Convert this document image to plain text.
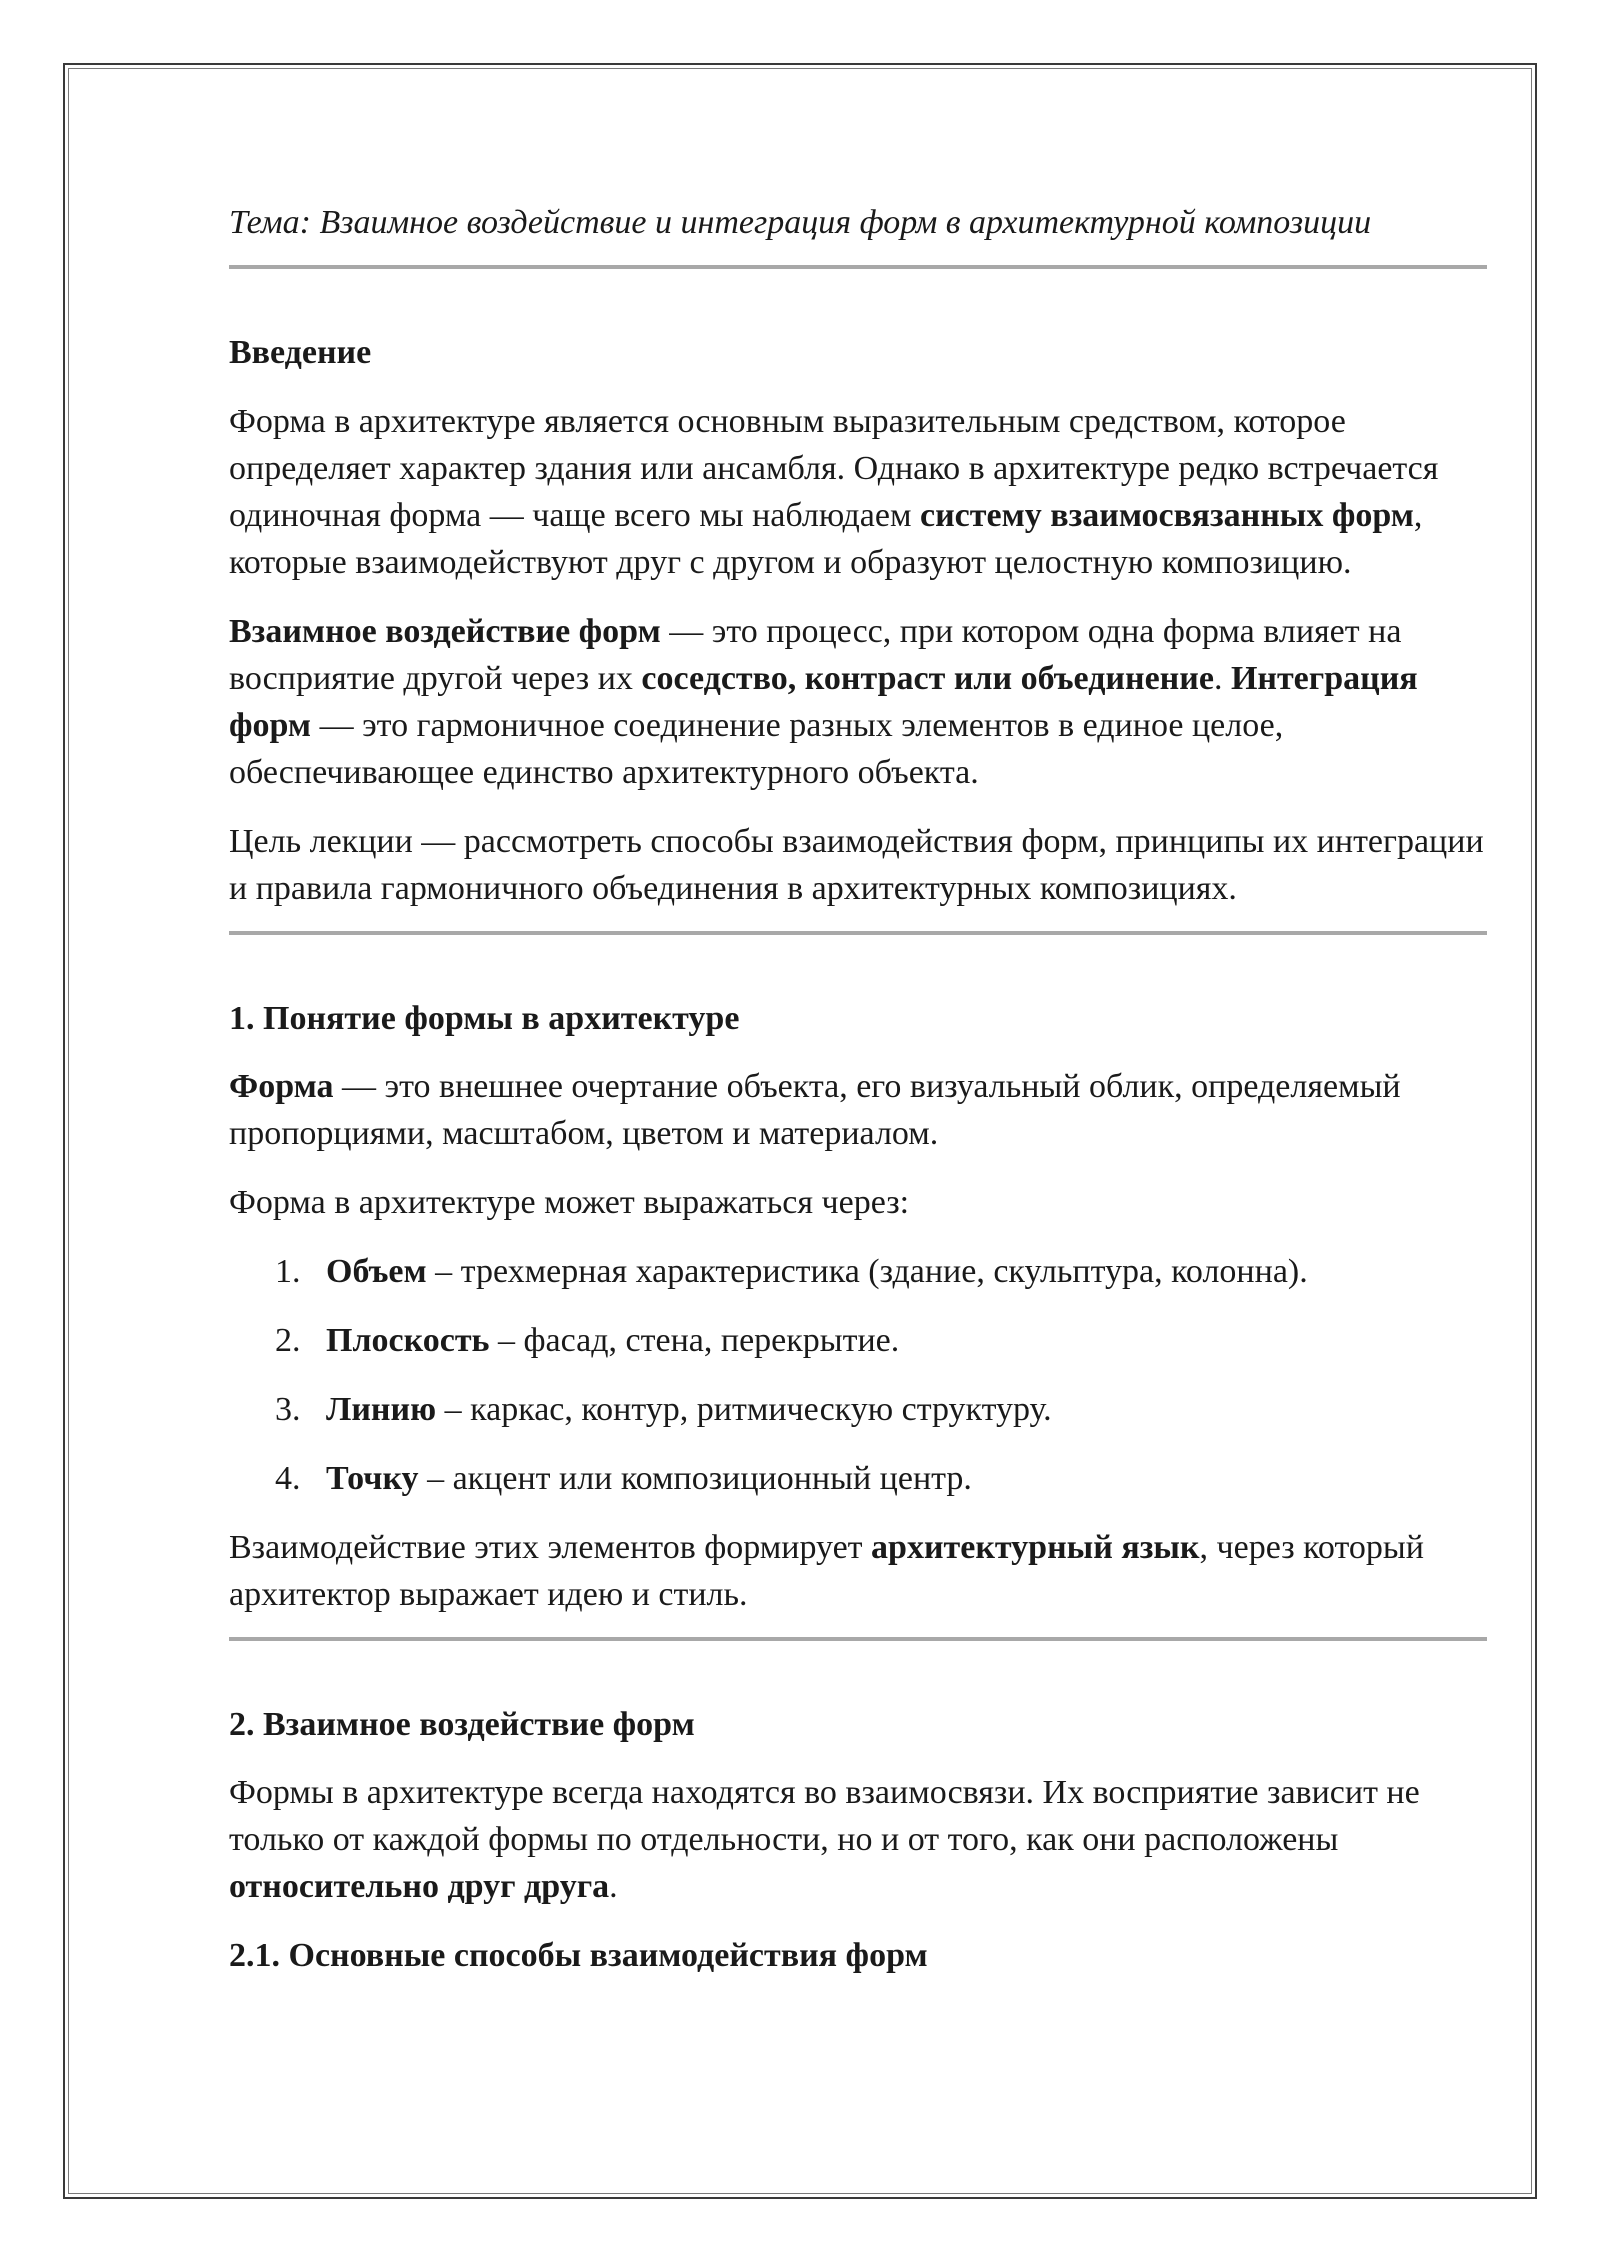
Тема: Взаимное воздействие и интеграция форм в архитектурной композиции

Введение

Форма в архитектуре является основным выразительным средством, которое определяет характер здания или ансамбля. Однако в архитектуре редко встречается одиночная форма — чаще всего мы наблюдаем систему взаимосвязанных форм, которые взаимодействуют друг с другом и образуют целостную композицию.

Взаимное воздействие форм — это процесс, при котором одна форма влияет на восприятие другой через их соседство, контраст или объединение. Интеграция форм — это гармоничное соединение разных элементов в единое целое, обеспечивающее единство архитектурного объекта.

Цель лекции — рассмотреть способы взаимодействия форм, принципы их интеграции и правила гармоничного объединения в архитектурных композициях.

1. Понятие формы в архитектуре

Форма — это внешнее очертание объекта, его визуальный облик, определяемый пропорциями, масштабом, цветом и материалом.

Форма в архитектуре может выражаться через:

1. Объем – трехмерная характеристика (здание, скульптура, колонна).
2. Плоскость – фасад, стена, перекрытие.
3. Линию – каркас, контур, ритмическую структуру.
4. Точку – акцент или композиционный центр.

Взаимодействие этих элементов формирует архитектурный язык, через который архитектор выражает идею и стиль.

2. Взаимное воздействие форм

Формы в архитектуре всегда находятся во взаимосвязи. Их восприятие зависит не только от каждой формы по отдельности, но и от того, как они расположены относительно друг друга.

2.1. Основные способы взаимодействия форм
